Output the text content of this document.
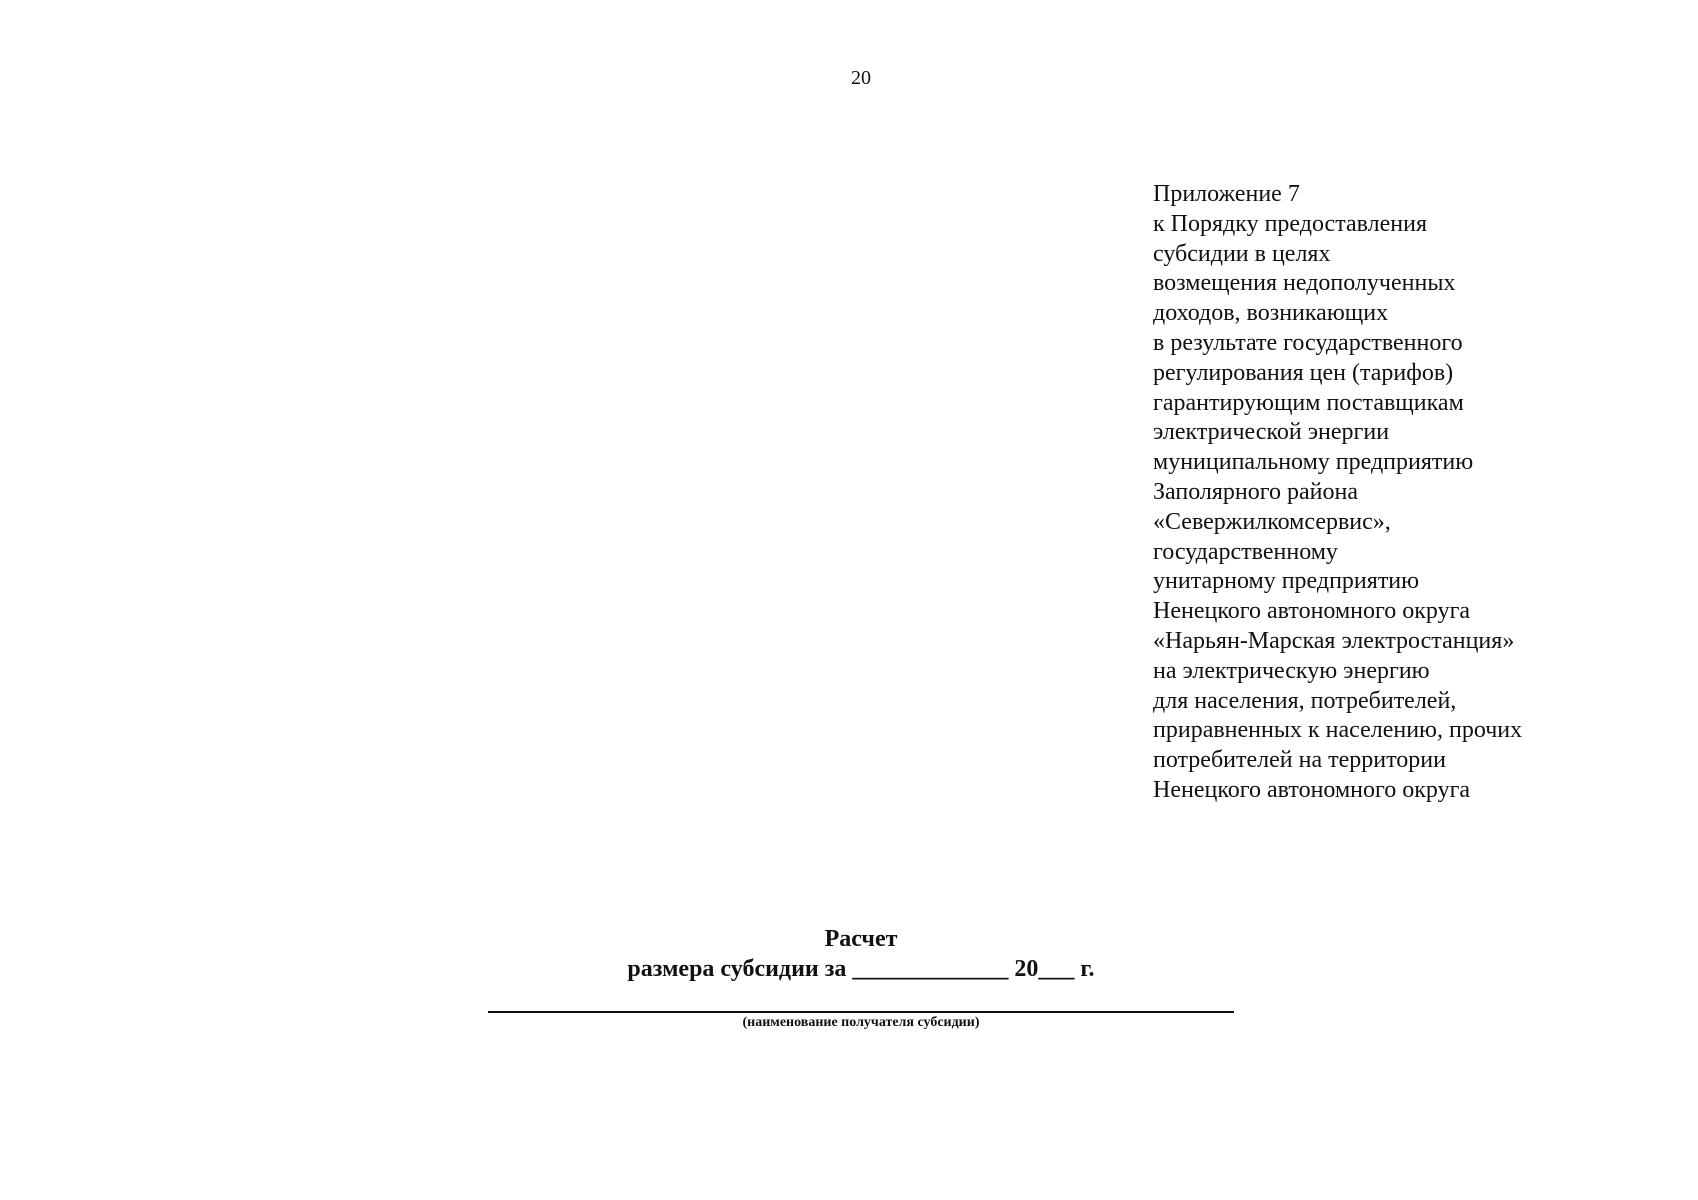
20
Приложение 7
к Порядку предоставления
субсидии в целях
возмещения недополученных
доходов, возникающих
в результате государственного
регулирования цен (тарифов)
гарантирующим поставщикам
электрической энергии
муниципальному предприятию
Заполярного района
«Севержилкомсервис»,
государственному
унитарному предприятию
Ненецкого автономного округа
«Нарьян-Марская электростанция»
на электрическую энергию
для населения, потребителей,
приравненных к населению, прочих
потребителей на территории
Ненецкого автономного округа
Расчет
размера субсидии за _____________ 20___ г.
(наименование получателя субсидии)
